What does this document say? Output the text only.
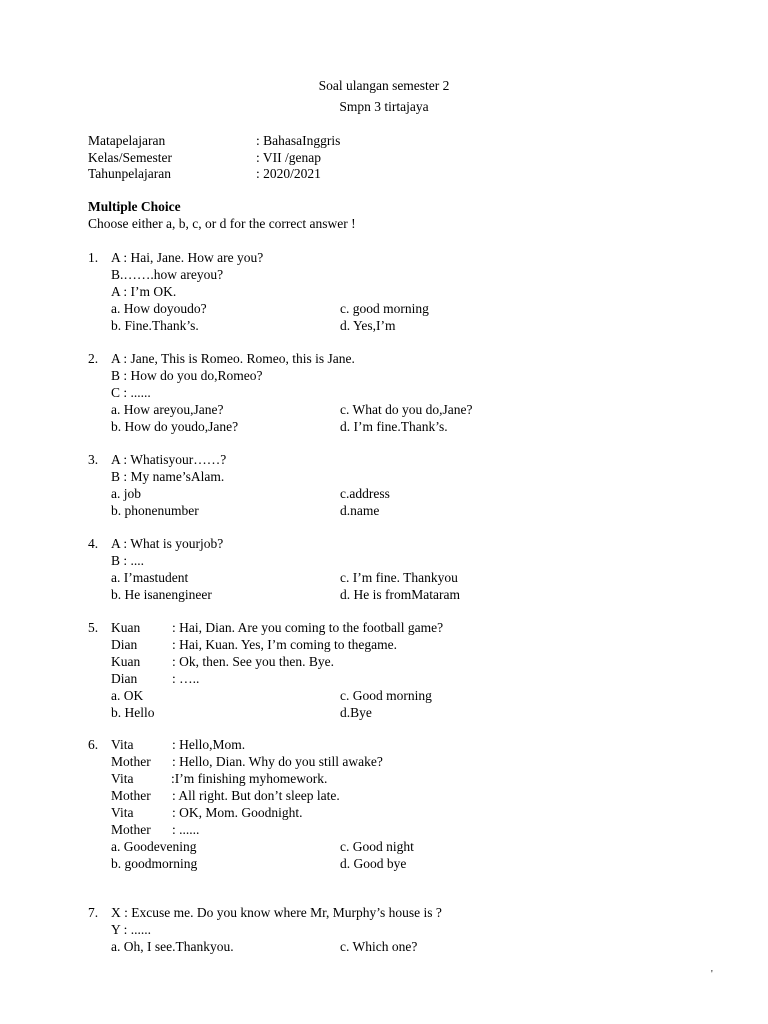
Soal ulangan semester 2
Smpn 3 tirtajaya
Matapelajaran	: BahasaInggris
Kelas/Semester	: VII /genap
Tahunpelajaran	: 2020/2021
Multiple Choice
Choose either a, b, c, or d for the correct answer !
1. A : Hai, Jane. How are you?
B.…….how areyou?
A : I’m OK.
a. How doyoudo?	c. good morning
b. Fine.Thank’s.	d. Yes,I’m
2. A : Jane, This is Romeo. Romeo, this is Jane.
B : How do you do,Romeo?
C : ......
a. How areyou,Jane?	c. What do you do,Jane?
b. How do youdo,Jane?	d. I’m fine.Thank’s.
3. A : Whatisyour……?
B : My name’sAlam.
a. job	c.address
b. phonenumber	d.name
4. A : What is yourjob?
B : ....
a. I’mastudent	c. I’m fine. Thankyou
b. He isanengineer	d. He is fromMataram
5. Kuan : Hai, Dian. Are you coming to the football game?
Dian	: Hai, Kuan. Yes, I’m coming to thegame.
Kuan : Ok, then. See you then. Bye.
Dian	: …..
a. OK	c. Good morning
b. Hello	d.Bye
6. Vita	: Hello,Mom.
Mother : Hello, Dian. Why do you still awake?
Vita	:I’m finishing myhomework.
Mother : All right. But don’t sleep late.
Vita	: OK, Mom. Goodnight.
Mother : ......
a. Goodevening	c. Good night
b. goodmorning	d. Good bye
7. X : Excuse me. Do you know where Mr, Murphy’s house is ?
Y : ......
a. Oh, I see.Thankyou.	c. Which one?
'
